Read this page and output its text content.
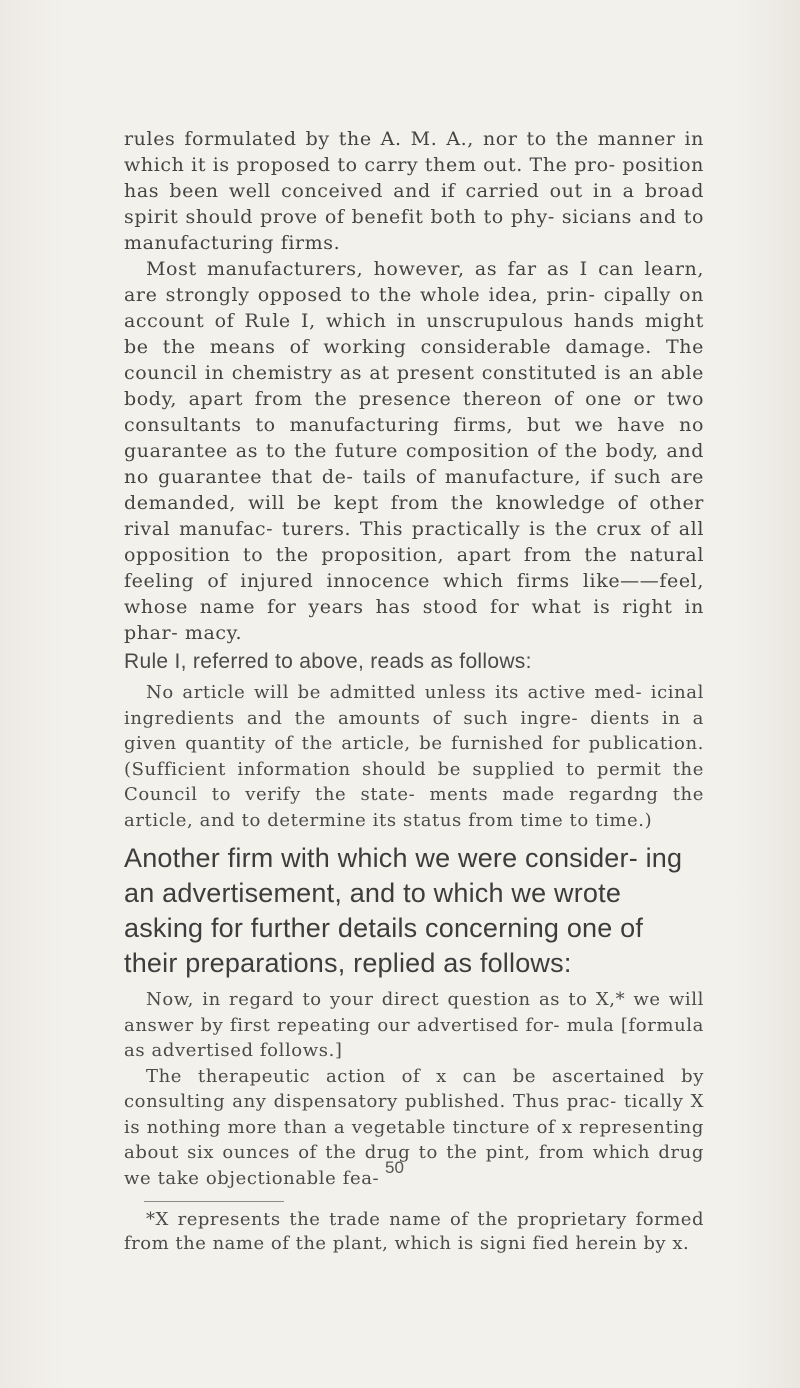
rules formulated by the A. M. A., nor to the manner in which it is proposed to carry them out. The pro- position has been well conceived and if carried out in a broad spirit should prove of benefit both to phy- sicians and to manufacturing firms.

Most manufacturers, however, as far as I can learn, are strongly opposed to the whole idea, prin- cipally on account of Rule I, which in unscrupulous hands might be the means of working considerable damage. The council in chemistry as at present constituted is an able body, apart from the presence thereon of one or two consultants to manufacturing firms, but we have no guarantee as to the future composition of the body, and no guarantee that de- tails of manufacture, if such are demanded, will be kept from the knowledge of other rival manufac- turers. This practically is the crux of all opposition to the proposition, apart from the natural feeling of injured innocence which firms like——feel, whose name for years has stood for what is right in phar- macy.

Rule I, referred to above, reads as follows:

No article will be admitted unless its active med- icinal ingredients and the amounts of such ingre- dients in a given quantity of the article, be furnished for publication. (Sufficient information should be supplied to permit the Council to verify the state- ments made regardng the article, and to determine its status from time to time.)

Another firm with which we were consider- ing an advertisement, and to which we wrote asking for further details concerning one of their preparations, replied as follows:

Now, in regard to your direct question as to X,* we will answer by first repeating our advertised for- mula [formula as advertised follows.]

The therapeutic action of x can be ascertained by consulting any dispensatory published. Thus prac- tically X is nothing more than a vegetable tincture of x representing about six ounces of the drug to the pint, from which drug we take objectionable fea-

*X represents the trade name of the proprietary formed from the name of the plant, which is signi fied herein by x.

50
